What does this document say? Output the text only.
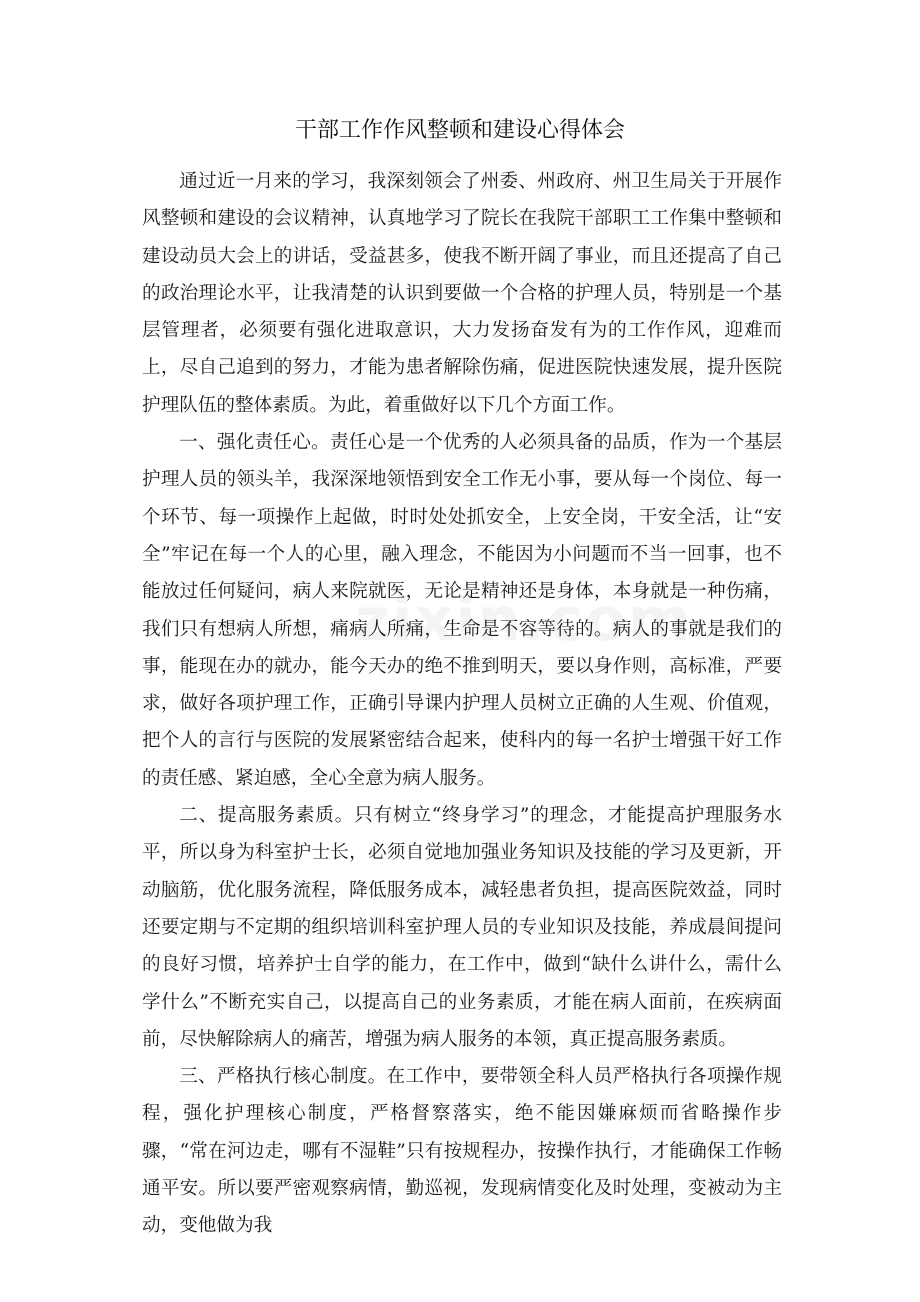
干部工作作风整顿和建设心得体会

通过近一月来的学习，我深刻领会了州委、州政府、州卫生局关于开展作风整顿和建设的会议精神，认真地学习了院长在我院干部职工工作集中整顿和建设动员大会上的讲话，受益甚多，使我不断开阔了事业，而且还提高了自己的政治理论水平，让我清楚的认识到要做一个合格的护理人员，特别是一个基层管理者，必须要有强化进取意识，大力发扬奋发有为的工作作风，迎难而上，尽自己追到的努力，才能为患者解除伤痛，促进医院快速发展，提升医院护理队伍的整体素质。为此，着重做好以下几个方面工作。

一、强化责任心。责任心是一个优秀的人必须具备的品质，作为一个基层护理人员的领头羊，我深深地领悟到安全工作无小事，要从每一个岗位、每一个环节、每一项操作上起做，时时处处抓安全，上安全岗，干安全活，让“安全”牢记在每一个人的心里，融入理念，不能因为小问题而不当一回事，也不能放过任何疑问，病人来院就医，无论是精神还是身体，本身就是一种伤痛，我们只有想病人所想，痛病人所痛，生命是不容等待的。病人的事就是我们的事，能现在办的就办，能今天办的绝不推到明天，要以身作则，高标准，严要求，做好各项护理工作，正确引导课内护理人员树立正确的人生观、价值观，把个人的言行与医院的发展紧密结合起来，使科内的每一名护士增强干好工作的责任感、紧迫感，全心全意为病人服务。

二、提高服务素质。只有树立“终身学习”的理念，才能提高护理服务水平，所以身为科室护士长，必须自觉地加强业务知识及技能的学习及更新，开动脑筋，优化服务流程，降低服务成本，减轻患者负担，提高医院效益，同时还要定期与不定期的组织培训科室护理人员的专业知识及技能，养成晨间提问的良好习惯，培养护士自学的能力，在工作中，做到“缺什么讲什么，需什么学什么”不断充实自己，以提高自己的业务素质，才能在病人面前，在疾病面前，尽快解除病人的痛苦，增强为病人服务的本领，真正提高服务素质。

三、严格执行核心制度。在工作中，要带领全科人员严格执行各项操作规程，强化护理核心制度，严格督察落实，绝不能因嫌麻烦而省略操作步骤，“常在河边走，哪有不湿鞋”只有按规程办，按操作执行，才能确保工作畅通平安。所以要严密观察病情，勤巡视，发现病情变化及时处理，变被动为主动，变他做为我
